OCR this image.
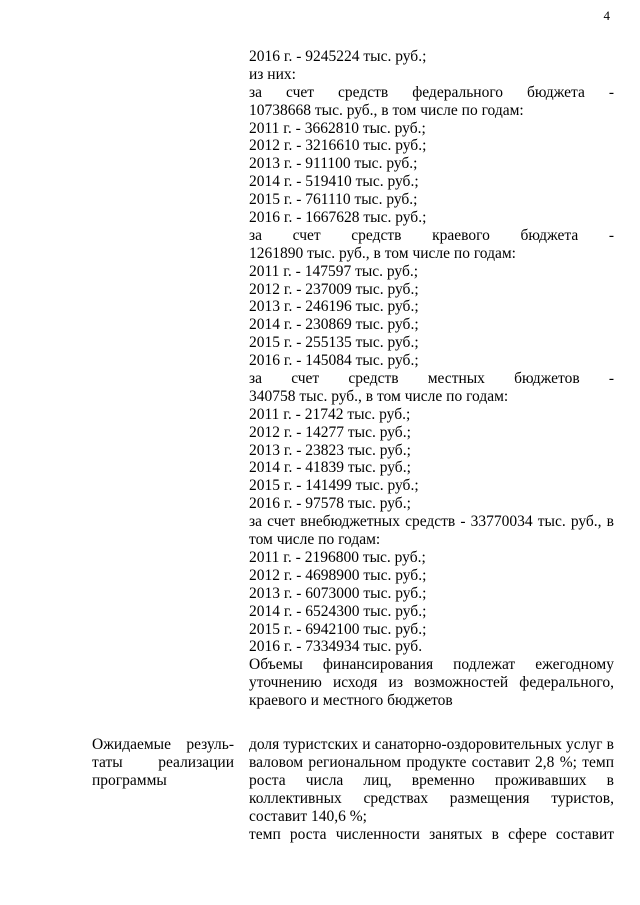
4
2016 г. - 9245224 тыс. руб.;
из них:
за счет средств федерального бюджета -
10738668 тыс. руб., в том числе по годам:
2011 г. - 3662810 тыс. руб.;
2012 г. - 3216610 тыс. руб.;
2013 г. - 911100 тыс. руб.;
2014 г. - 519410 тыс. руб.;
2015 г. - 761110 тыс. руб.;
2016 г. - 1667628 тыс. руб.;
за счет средств краевого бюджета -
1261890 тыс. руб., в том числе по годам:
2011 г. - 147597 тыс. руб.;
2012 г. - 237009 тыс. руб.;
2013 г. - 246196 тыс. руб.;
2014 г. - 230869 тыс. руб.;
2015 г. - 255135 тыс. руб.;
2016 г. - 145084 тыс. руб.;
за счет средств местных бюджетов -
340758 тыс. руб., в том числе по годам:
2011 г. - 21742 тыс. руб.;
2012 г. - 14277 тыс. руб.;
2013 г. - 23823 тыс. руб.;
2014 г. - 41839 тыс. руб.;
2015 г. - 141499 тыс. руб.;
2016 г. - 97578 тыс. руб.;
за счет внебюджетных средств - 33770034 тыс. руб., в том числе по годам:
2011 г. - 2196800 тыс. руб.;
2012 г. - 4698900 тыс. руб.;
2013 г. - 6073000 тыс. руб.;
2014 г. - 6524300 тыс. руб.;
2015 г. - 6942100 тыс. руб.;
2016 г. - 7334934 тыс. руб.
Объемы финансирования подлежат ежегодному уточнению исходя из возможностей федерального, краевого и местного бюджетов
Ожидаемые резуль-
таты реализации
программы
доля туристских и санаторно-оздоровительных услуг в валовом региональном продукте составит 2,8 %; темп роста числа лиц, временно проживавших в коллективных средствах размещения туристов, составит 140,6 %;
темп роста численности занятых в сфере составит
